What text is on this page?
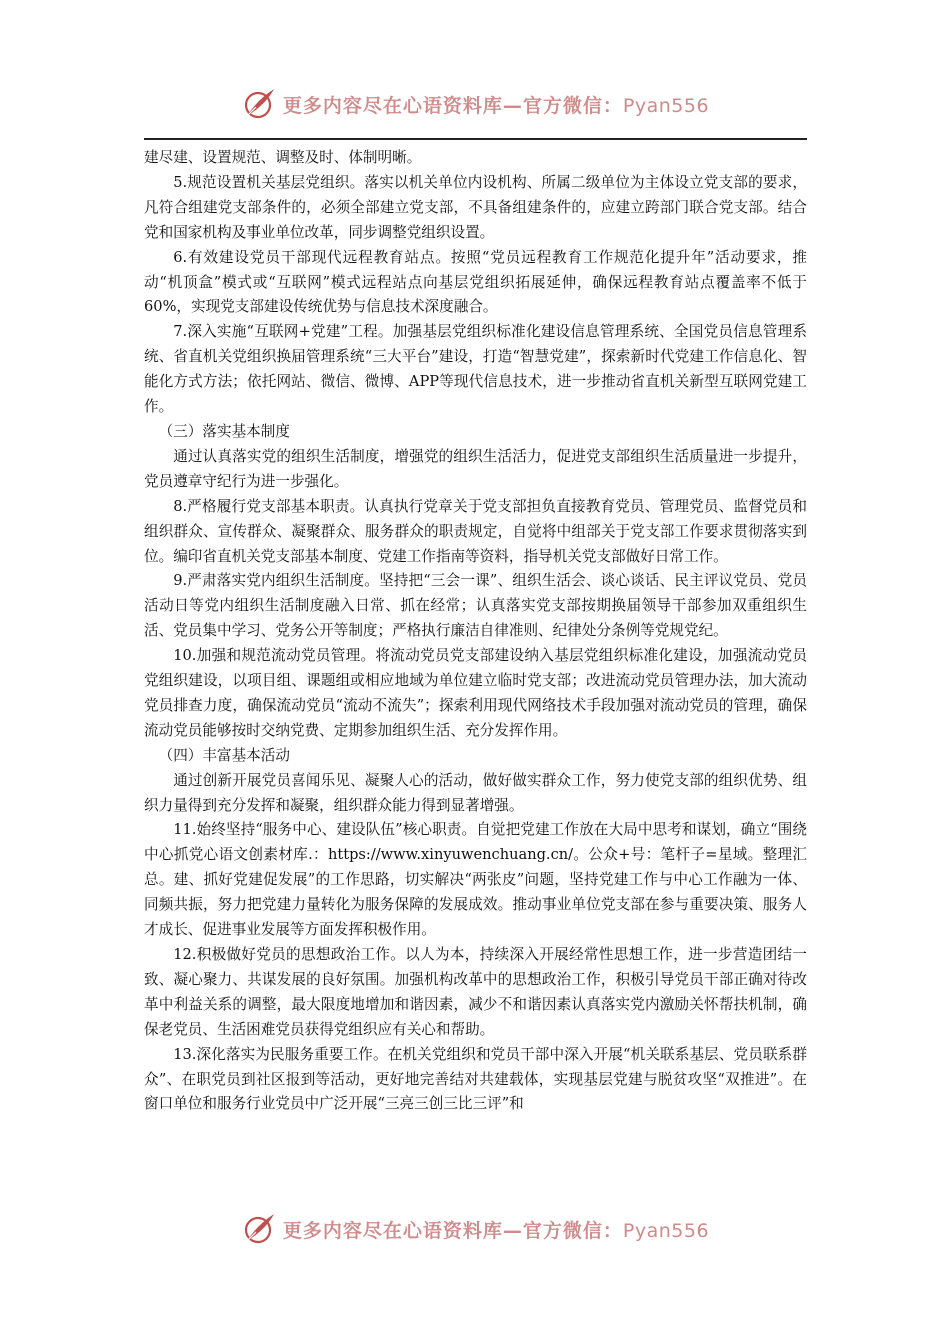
更多内容尽在心语资料库—官方微信：Pyan556

建尽建、设置规范、调整及时、体制明晰。

5.规范设置机关基层党组织。落实以机关单位内设机构、所属二级单位为主体设立党支部的要求，凡符合组建党支部条件的，必须全部建立党支部，不具备组建条件的，应建立跨部门联合党支部。结合党和国家机构及事业单位改革，同步调整党组织设置。

6.有效建设党员干部现代远程教育站点。按照“党员远程教育工作规范化提升年”活动要求，推动“机顶盒”模式或“互联网”模式远程站点向基层党组织拓展延伸，确保远程教育站点覆盖率不低于60%，实现党支部建设传统优势与信息技术深度融合。

7.深入实施“互联网+党建”工程。加强基层党组织标准化建设信息管理系统、全国党员信息管理系统、省直机关党组织换届管理系统“三大平台”建设，打造“智慧党建”，探索新时代党建工作信息化、智能化方式方法；依托网站、微信、微博、APP等现代信息技术，进一步推动省直机关新型互联网党建工作。

（三）落实基本制度

通过认真落实党的组织生活制度，增强党的组织生活活力，促进党支部组织生活质量进一步提升，党员遵章守纪行为进一步强化。

8.严格履行党支部基本职责。认真执行党章关于党支部担负直接教育党员、管理党员、监督党员和组织群众、宣传群众、凝聚群众、服务群众的职责规定，自觉将中组部关于党支部工作要求贯彻落实到位。编印省直机关党支部基本制度、党建工作指南等资料，指导机关党支部做好日常工作。

9.严肃落实党内组织生活制度。坚持把“三会一课”、组织生活会、谈心谈话、民主评议党员、党员活动日等党内组织生活制度融入日常、抓在经常；认真落实党支部按期换届领导干部参加双重组织生活、党员集中学习、党务公开等制度；严格执行廉洁自律准则、纪律处分条例等党规党纪。

10.加强和规范流动党员管理。将流动党员党支部建设纳入基层党组织标准化建设，加强流动党员党组织建设，以项目组、课题组或相应地域为单位建立临时党支部；改进流动党员管理办法，加大流动党员排查力度，确保流动党员“流动不流失”；探索利用现代网络技术手段加强对流动党员的管理，确保流动党员能够按时交纳党费、定期参加组织生活、充分发挥作用。

（四）丰富基本活动

通过创新开展党员喜闻乐见、凝聚人心的活动，做好做实群众工作，努力使党支部的组织优势、组织力量得到充分发挥和凝聚，组织群众能力得到显著增强。

11.始终坚持“服务中心、建设队伍”核心职责。自觉把党建工作放在大局中思考和谋划，确立“围绕中心抓党心语文创素材库.：https://www.xinyuwenchuang.cn/。公众+号：笔杆子=星域。整理汇总。建、抓好党建促发展”的工作思路，切实解决“两张皮”问题，坚持党建工作与中心工作融为一体、同频共振，努力把党建力量转化为服务保障的发展成效。推动事业单位党支部在参与重要决策、服务人才成长、促进事业发展等方面发挥积极作用。

12.积极做好党员的思想政治工作。以人为本，持续深入开展经常性思想工作，进一步营造团结一致、凝心聚力、共谋发展的良好氛围。加强机构改革中的思想政治工作，积极引导党员干部正确对待改革中利益关系的调整，最大限度地增加和谐因素，减少不和谐因素认真落实党内激励关怀帮扶机制，确保老党员、生活困难党员获得党组织应有关心和帮助。

13.深化落实为民服务重要工作。在机关党组织和党员干部中深入开展“机关联系基层、党员联系群众”、在职党员到社区报到等活动，更好地完善结对共建载体，实现基层党建与脱贫攻坚“双推进”。在窗口单位和服务行业党员中广泛开展“三亮三创三比三评”和

更多内容尽在心语资料库—官方微信：Pyan556
